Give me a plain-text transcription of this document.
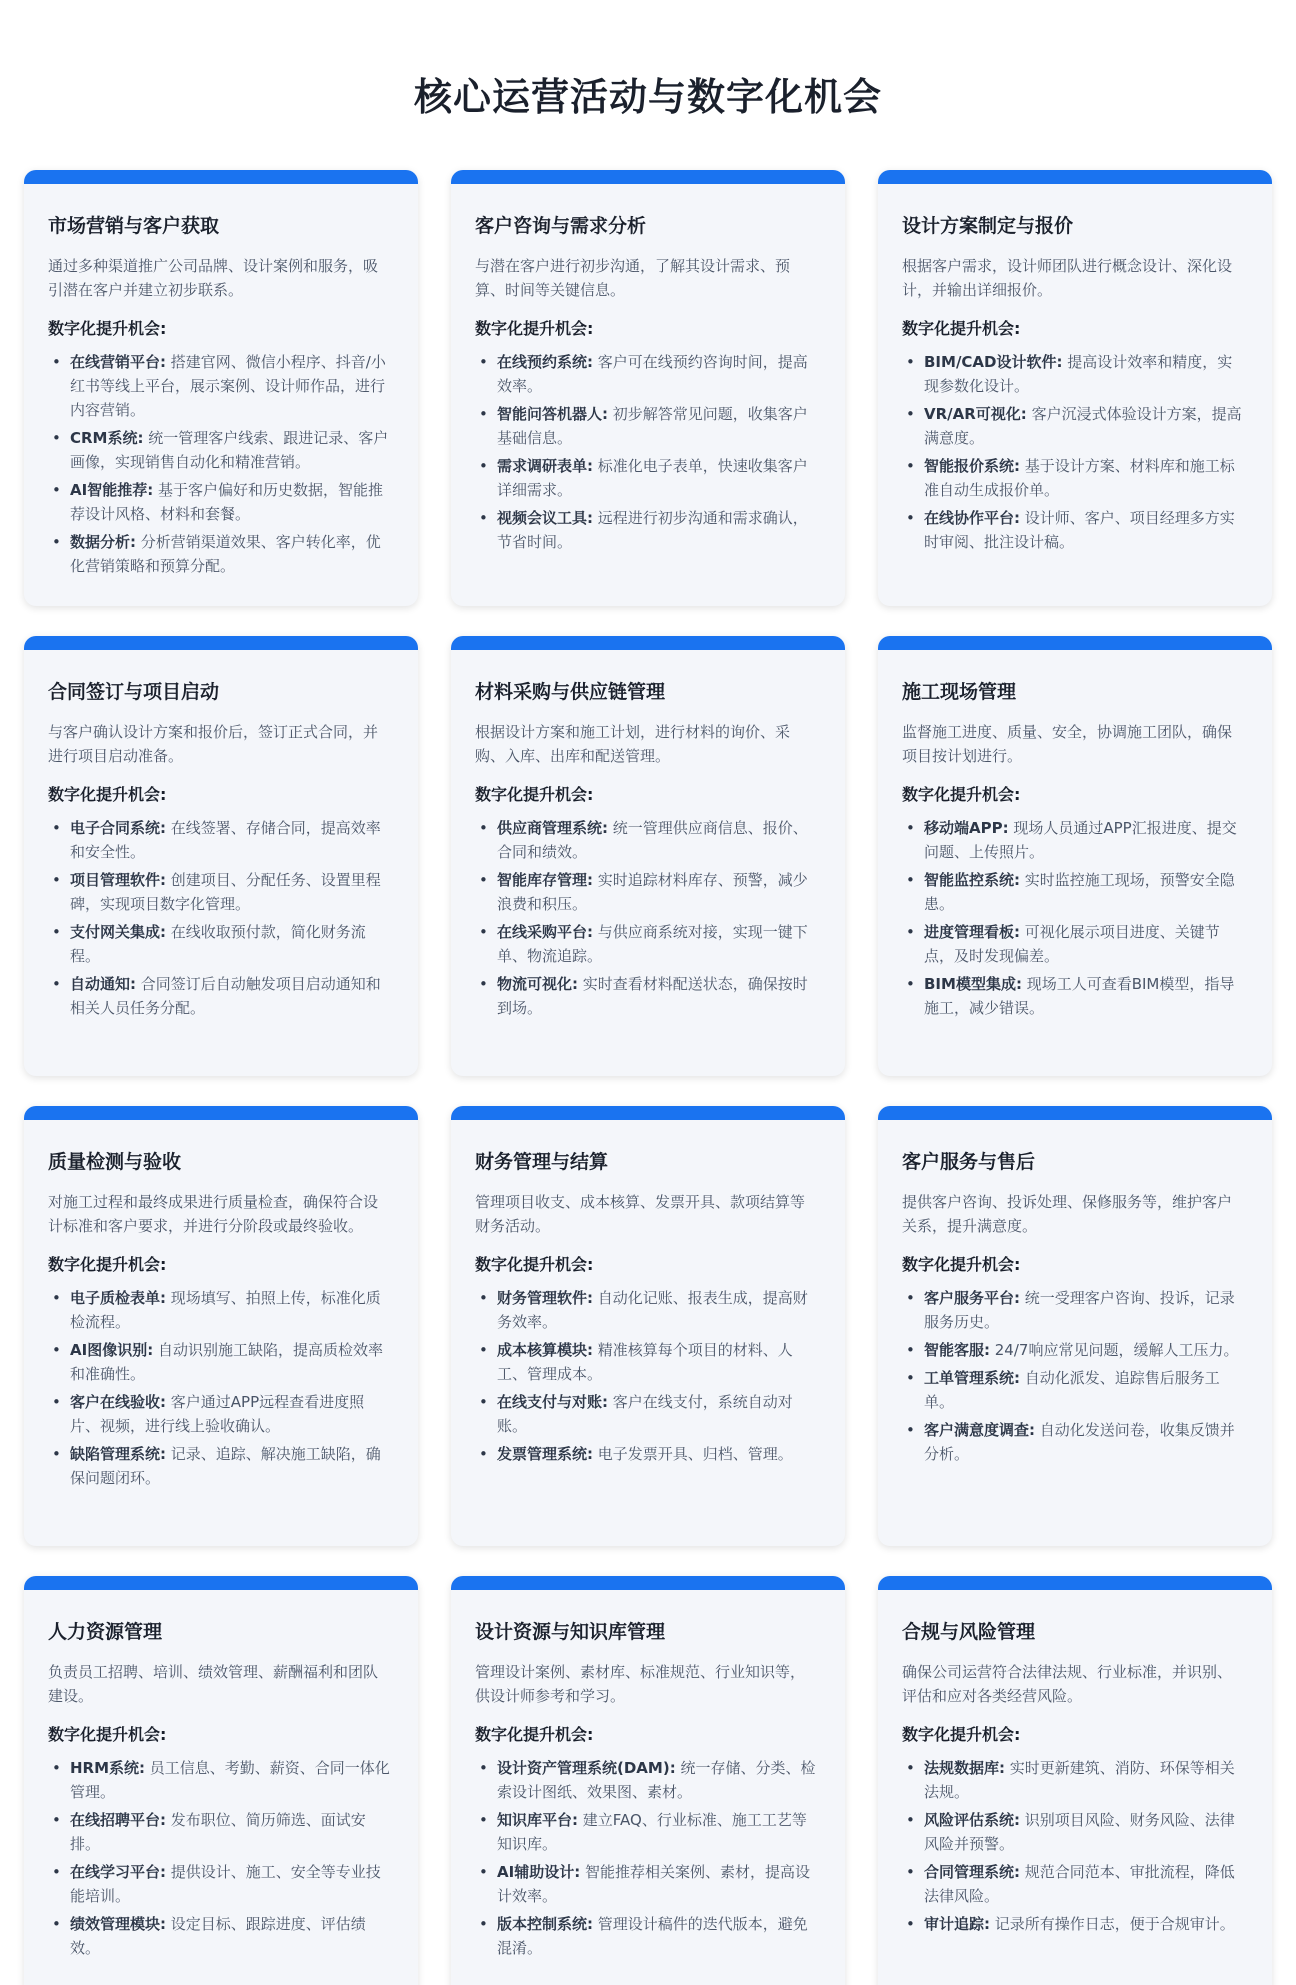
核心运营活动与数字化机会
市场营销与客户获取
通过多种渠道推广公司品牌、设计案例和服务，吸引潜在客户并建立初步联系。
数字化提升机会:
• 在线营销平台: 搭建官网、微信小程序、抖音/小红书等线上平台，展示案例、设计师作品，进行内容营销。
• CRM系统: 统一管理客户线索、跟进记录、客户画像，实现销售自动化和精准营销。
• AI智能推荐: 基于客户偏好和历史数据，智能推荐设计风格、材料和套餐。
• 数据分析: 分析营销渠道效果、客户转化率，优化营销策略和预算分配。
客户咨询与需求分析
与潜在客户进行初步沟通，了解其设计需求、预算、时间等关键信息。
数字化提升机会:
• 在线预约系统: 客户可在线预约咨询时间，提高效率。
• 智能问答机器人: 初步解答常见问题，收集客户基础信息。
• 需求调研表单: 标准化电子表单，快速收集客户详细需求。
• 视频会议工具: 远程进行初步沟通和需求确认，节省时间。
设计方案制定与报价
根据客户需求，设计师团队进行概念设计、深化设计，并输出详细报价。
数字化提升机会:
• BIM/CAD设计软件: 提高设计效率和精度，实现参数化设计。
• VR/AR可视化: 客户沉浸式体验设计方案，提高满意度。
• 智能报价系统: 基于设计方案、材料库和施工标准自动生成报价单。
• 在线协作平台: 设计师、客户、项目经理多方实时审阅、批注设计稿。
合同签订与项目启动
与客户确认设计方案和报价后，签订正式合同，并进行项目启动准备。
数字化提升机会:
• 电子合同系统: 在线签署、存储合同，提高效率和安全性。
• 项目管理软件: 创建项目、分配任务、设置里程碑，实现项目数字化管理。
• 支付网关集成: 在线收取预付款，简化财务流程。
• 自动通知: 合同签订后自动触发项目启动通知和相关人员任务分配。
材料采购与供应链管理
根据设计方案和施工计划，进行材料的询价、采购、入库、出库和配送管理。
数字化提升机会:
• 供应商管理系统: 统一管理供应商信息、报价、合同和绩效。
• 智能库存管理: 实时追踪材料库存、预警，减少浪费和积压。
• 在线采购平台: 与供应商系统对接，实现一键下单、物流追踪。
• 物流可视化: 实时查看材料配送状态，确保按时到场。
施工现场管理
监督施工进度、质量、安全，协调施工团队，确保项目按计划进行。
数字化提升机会:
• 移动端APP: 现场人员通过APP汇报进度、提交问题、上传照片。
• 智能监控系统: 实时监控施工现场，预警安全隐患。
• 进度管理看板: 可视化展示项目进度、关键节点，及时发现偏差。
• BIM模型集成: 现场工人可查看BIM模型，指导施工，减少错误。
质量检测与验收
对施工过程和最终成果进行质量检查，确保符合设计标准和客户要求，并进行分阶段或最终验收。
数字化提升机会:
• 电子质检表单: 现场填写、拍照上传，标准化质检流程。
• AI图像识别: 自动识别施工缺陷，提高质检效率和准确性。
• 客户在线验收: 客户通过APP远程查看进度照片、视频，进行线上验收确认。
• 缺陷管理系统: 记录、追踪、解决施工缺陷，确保问题闭环。
财务管理与结算
管理项目收支、成本核算、发票开具、款项结算等财务活动。
数字化提升机会:
• 财务管理软件: 自动化记账、报表生成，提高财务效率。
• 成本核算模块: 精准核算每个项目的材料、人工、管理成本。
• 在线支付与对账: 客户在线支付，系统自动对账。
• 发票管理系统: 电子发票开具、归档、管理。
客户服务与售后
提供客户咨询、投诉处理、保修服务等，维护客户关系，提升满意度。
数字化提升机会:
• 客户服务平台: 统一受理客户咨询、投诉，记录服务历史。
• 智能客服: 24/7响应常见问题，缓解人工压力。
• 工单管理系统: 自动化派发、追踪售后服务工单。
• 客户满意度调查: 自动化发送问卷，收集反馈并分析。
人力资源管理
负责员工招聘、培训、绩效管理、薪酬福利和团队建设。
数字化提升机会:
• HRM系统: 员工信息、考勤、薪资、合同一体化管理。
• 在线招聘平台: 发布职位、简历筛选、面试安排。
• 在线学习平台: 提供设计、施工、安全等专业技能培训。
• 绩效管理模块: 设定目标、跟踪进度、评估绩效。
设计资源与知识库管理
管理设计案例、素材库、标准规范、行业知识等，供设计师参考和学习。
数字化提升机会:
• 设计资产管理系统(DAM): 统一存储、分类、检索设计图纸、效果图、素材。
• 知识库平台: 建立FAQ、行业标准、施工工艺等知识库。
• AI辅助设计: 智能推荐相关案例、素材，提高设计效率。
• 版本控制系统: 管理设计稿件的迭代版本，避免混淆。
合规与风险管理
确保公司运营符合法律法规、行业标准，并识别、评估和应对各类经营风险。
数字化提升机会:
• 法规数据库: 实时更新建筑、消防、环保等相关法规。
• 风险评估系统: 识别项目风险、财务风险、法律风险并预警。
• 合同管理系统: 规范合同范本、审批流程，降低法律风险。
• 审计追踪: 记录所有操作日志，便于合规审计。
